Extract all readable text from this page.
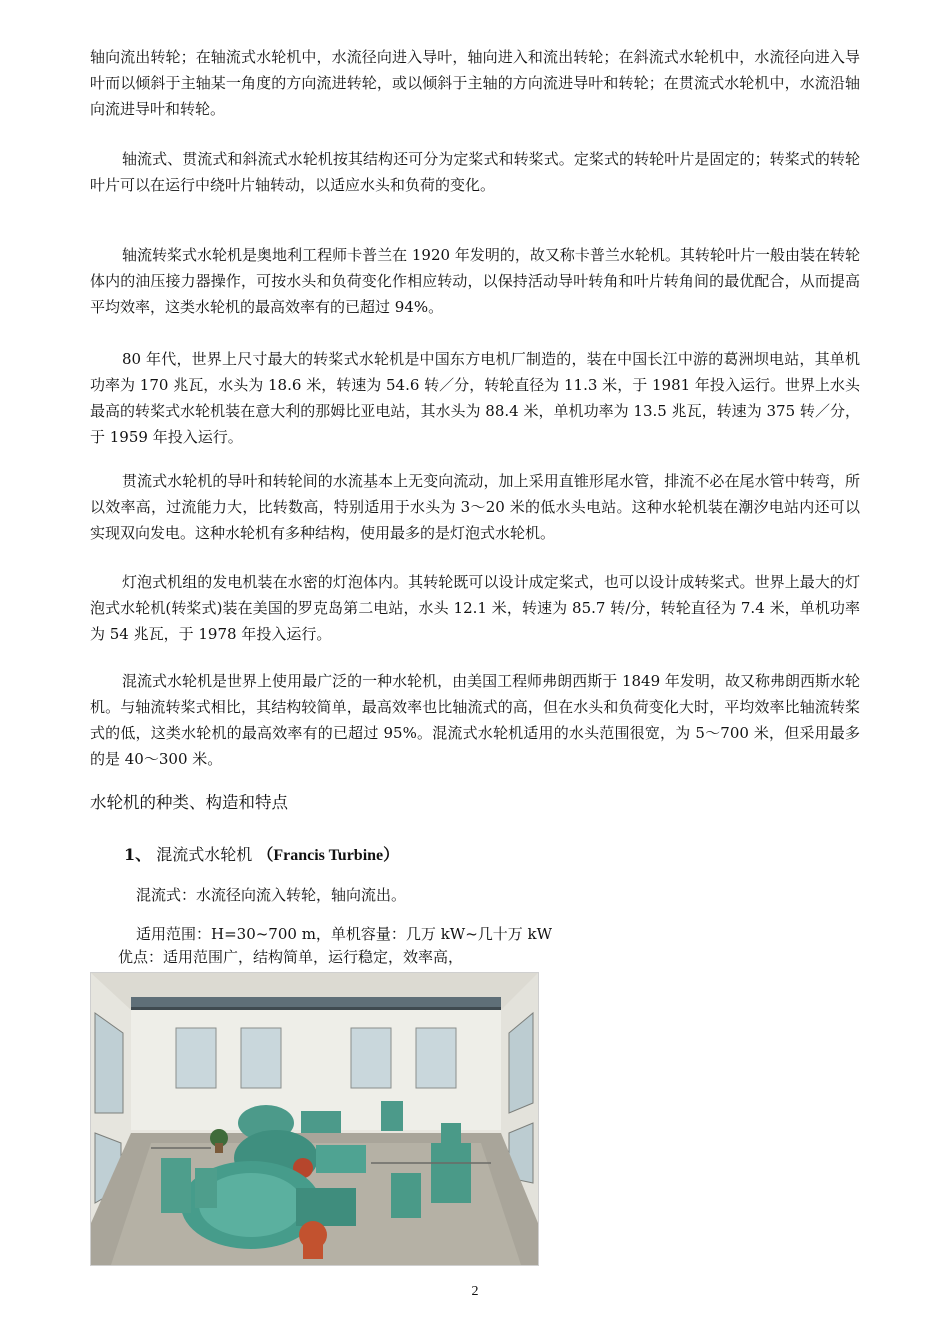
轴向流出转轮；在轴流式水轮机中，水流径向进入导叶，轴向进入和流出转轮；在斜流式水轮机中，水流径向进入导叶而以倾斜于主轴某一角度的方向流进转轮，或以倾斜于主轴的方向流进导叶和转轮；在贯流式水轮机中，水流沿轴向流进导叶和转轮。

轴流式、贯流式和斜流式水轮机按其结构还可分为定桨式和转桨式。定桨式的转轮叶片是固定的；转桨式的转轮叶片可以在运行中绕叶片轴转动，以适应水头和负荷的变化。

轴流转桨式水轮机是奥地利工程师卡普兰在 1920 年发明的，故又称卡普兰水轮机。其转轮叶片一般由装在转轮体内的油压接力器操作，可按水头和负荷变化作相应转动，以保持活动导叶转角和叶片转角间的最优配合，从而提高平均效率，这类水轮机的最高效率有的已超过 94%。

80 年代，世界上尺寸最大的转桨式水轮机是中国东方电机厂制造的，装在中国长江中游的葛洲坝电站，其单机功率为 170 兆瓦，水头为 18.6 米，转速为 54.6 转／分，转轮直径为 11.3 米，于 1981 年投入运行。世界上水头最高的转桨式水轮机装在意大利的那姆比亚电站，其水头为 88.4 米，单机功率为 13.5 兆瓦，转速为 375 转／分，于 1959 年投入运行。

贯流式水轮机的导叶和转轮间的水流基本上无变向流动，加上采用直锥形尾水管，排流不必在尾水管中转弯，所以效率高，过流能力大，比转数高，特别适用于水头为 3～20 米的低水头电站。这种水轮机装在潮汐电站内还可以实现双向发电。这种水轮机有多种结构，使用最多的是灯泡式水轮机。

灯泡式机组的发电机装在水密的灯泡体内。其转轮既可以设计成定桨式，也可以设计成转桨式。世界上最大的灯泡式水轮机(转桨式)装在美国的罗克岛第二电站，水头 12.1 米，转速为 85.7 转/分，转轮直径为 7.4 米，单机功率为 54 兆瓦，于 1978 年投入运行。

混流式水轮机是世界上使用最广泛的一种水轮机，由美国工程师弗朗西斯于 1849 年发明，故又称弗朗西斯水轮机。与轴流转桨式相比，其结构较简单，最高效率也比轴流式的高，但在水头和负荷变化大时，平均效率比轴流转桨式的低，这类水轮机的最高效率有的已超过 95%。混流式水轮机适用的水头范围很宽，为 5～700 米，但采用最多的是 40～300 米。

水轮机的种类、构造和特点

1、 混流式水轮机 （Francis Turbine）

混流式：水流径向流入转轮，轴向流出。

适用范围：H=30~700 m，单机容量：几万 kW~几十万 kW

优点：适用范围广，结构简单，运行稳定，效率高，

2
